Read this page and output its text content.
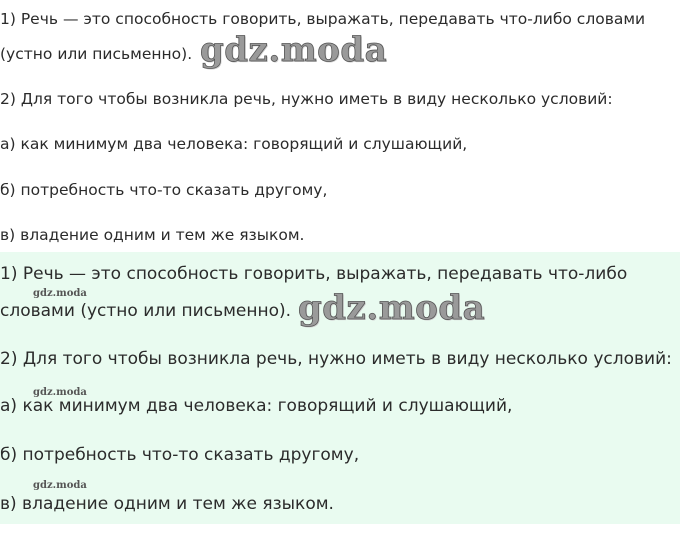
1) Речь — это способность говорить, выражать, передавать что-либо словами

(устно или письменно). gdz.moda

2) Для того чтобы возникла речь, нужно иметь в виду несколько условий:

а) как минимум два человека: говорящий и слушающий,

б) потребность что-то сказать другому,

в) владение одним и тем же языком.

1) Речь — это способность говорить, выражать, передавать что-либо

gdz.moda

словами (устно или письменно). gdz.moda

2) Для того чтобы возникла речь, нужно иметь в виду несколько условий:

gdz.moda

а) как минимум два человека: говорящий и слушающий,

б) потребность что-то сказать другому,

gdz.moda

в) владение одним и тем же языком.
